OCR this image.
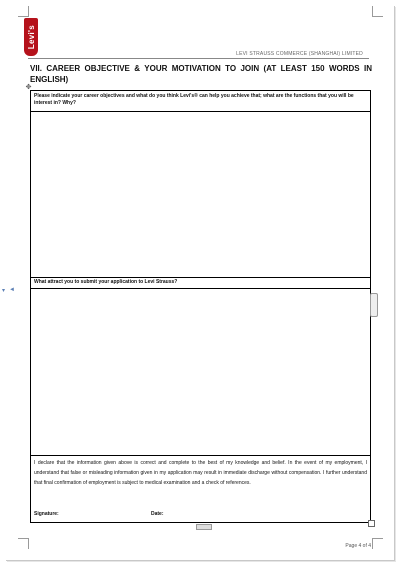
Levi's
LEVI STRAUSS COMMERCE (SHANGHAI) LIMITED
VII. CAREER OBJECTIVE & YOUR MOTIVATION TO JOIN (AT LEAST 150 WORDS IN ENGLISH)
✥
Please indicate your career objectives and what do you think Levi's® can help you achieve that; what are the functions that you will be interest in? Why?
What attract you to submit your application to Levi Strauss?
I declare that the information given above is correct and complete to the best of my knowledge and belief. In the event of my employment, I understand that false or misleading information given in my application may result in immediate discharge without compensation. I further understand that final confirmation of employment is subject to medical examination and a check of references.
Signature:	Date:
◄
▾
Page 4 of 4
